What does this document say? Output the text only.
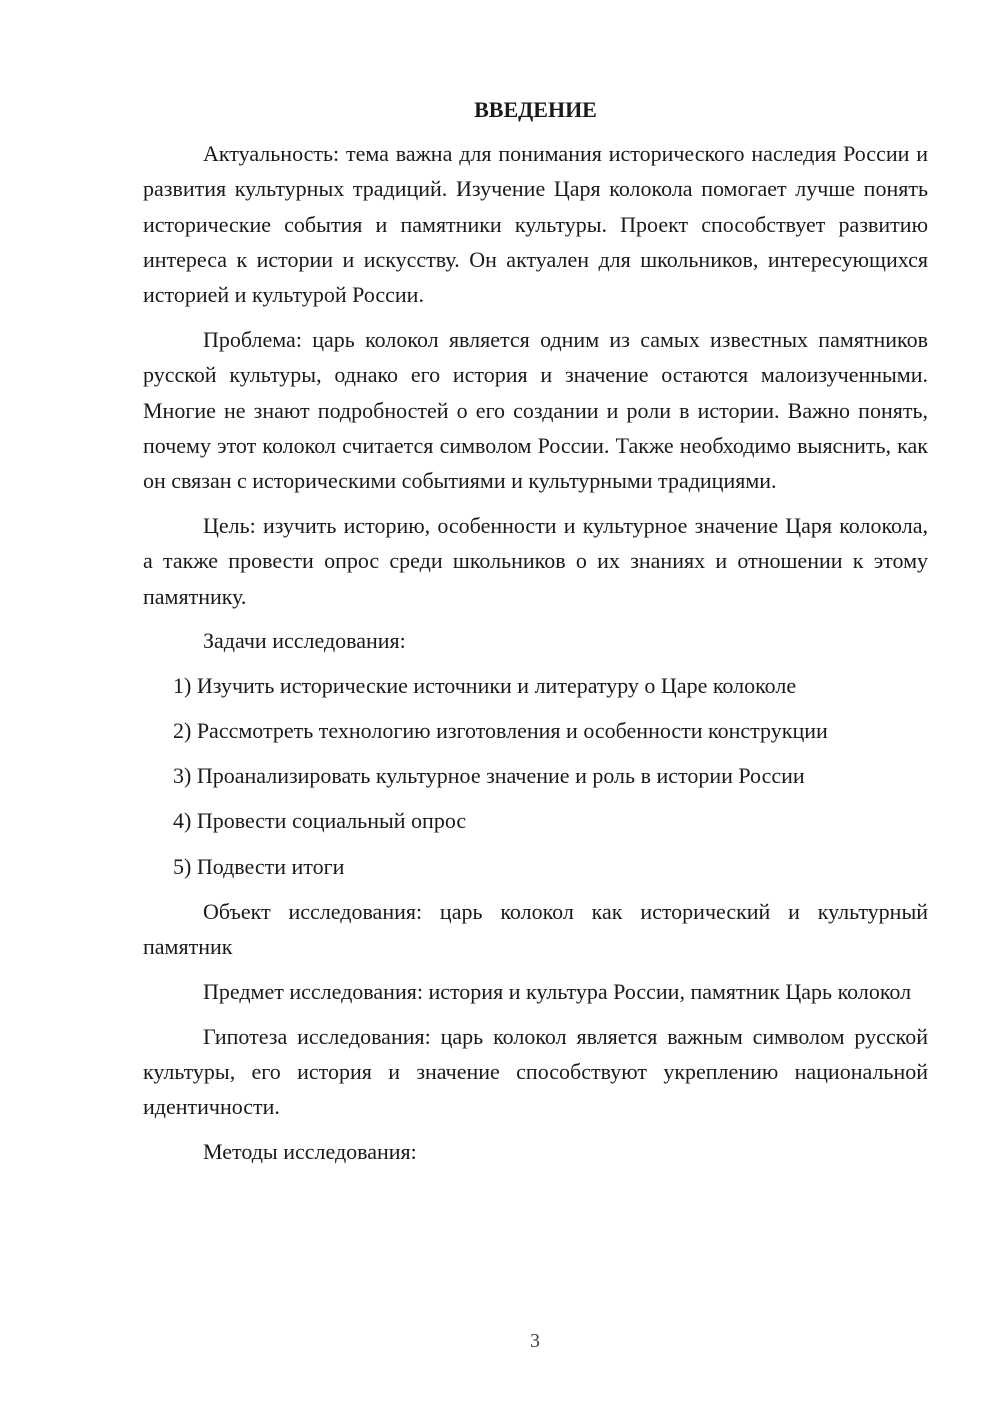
ВВЕДЕНИЕ

Актуальность: тема важна для понимания исторического наследия России и развития культурных традиций. Изучение Царя колокола помогает лучше понять исторические события и памятники культуры. Проект способствует развитию интереса к истории и искусству. Он актуален для школьников, интересующихся историей и культурой России.

Проблема: царь колокол является одним из самых известных памятников русской культуры, однако его история и значение остаются малоизученными. Многие не знают подробностей о его создании и роли в истории. Важно понять, почему этот колокол считается символом России. Также необходимо выяснить, как он связан с историческими событиями и культурными традициями.

Цель: изучить историю, особенности и культурное значение Царя колокола, а также провести опрос среди школьников о их знаниях и отношении к этому памятнику.

Задачи исследования:

1) Изучить исторические источники и литературу о Царе колоколе
2) Рассмотреть технологию изготовления и особенности конструкции
3) Проанализировать культурное значение и роль в истории России
4) Провести социальный опрос
5) Подвести итоги

Объект исследования: царь колокол как исторический и культурный памятник

Предмет исследования: история и культура России, памятник Царь колокол

Гипотеза исследования: царь колокол является важным символом русской культуры, его история и значение способствуют укреплению национальной идентичности.

Методы исследования:

3
